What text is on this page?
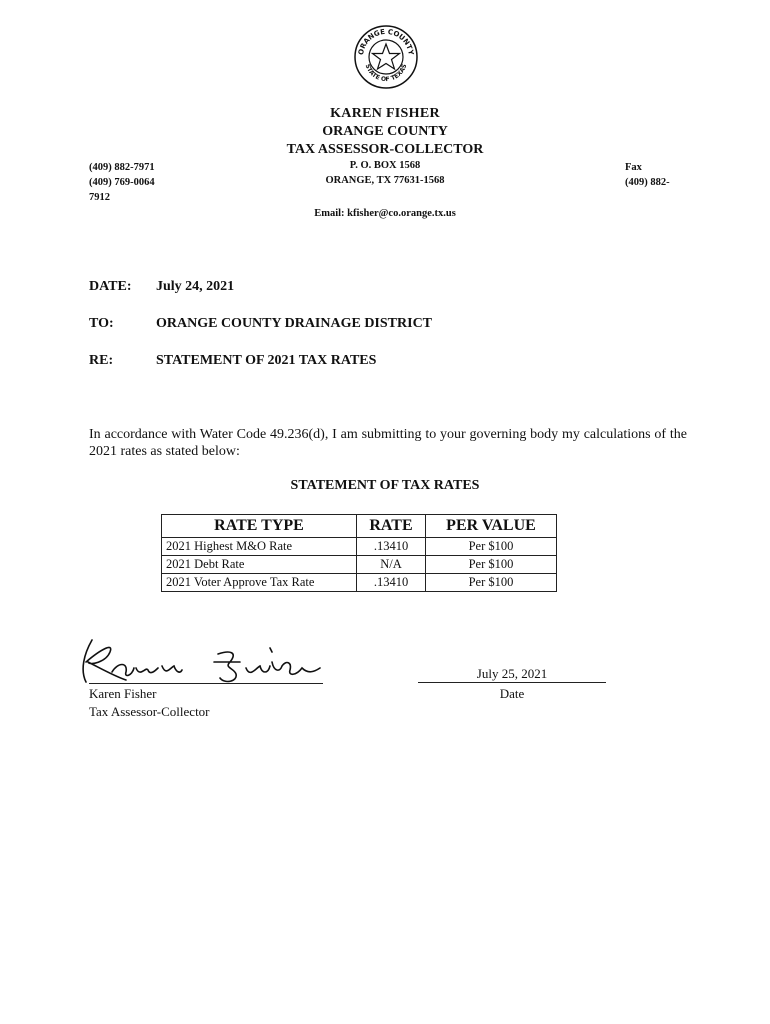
ORANGE COUNTY
STATE OF TEXAS
KAREN FISHER
ORANGE COUNTY
TAX ASSESSOR-COLLECTOR
P. O. BOX 1568
ORANGE, TX 77631-1568
Email: kfisher@co.orange.tx.us
(409) 882-7971
(409) 769-0064
7912
Fax
(409) 882-
DATE: July 24, 2021
TO:	ORANGE COUNTY DRAINAGE DISTRICT
RE:	STATEMENT OF 2021 TAX RATES
In accordance with Water Code 49.236(d), I am submitting to your governing body my calculations of the 2021 rates as stated below:
STATEMENT OF TAX RATES
RATE TYPE	RATE	PER VALUE
2021 Highest M&O Rate	.13410	Per $100
2021 Debt Rate	N/A	Per $100
2021 Voter Approve Tax Rate	.13410	Per $100
Karen Fisher
Tax Assessor-Collector
July 25, 2021
Date
